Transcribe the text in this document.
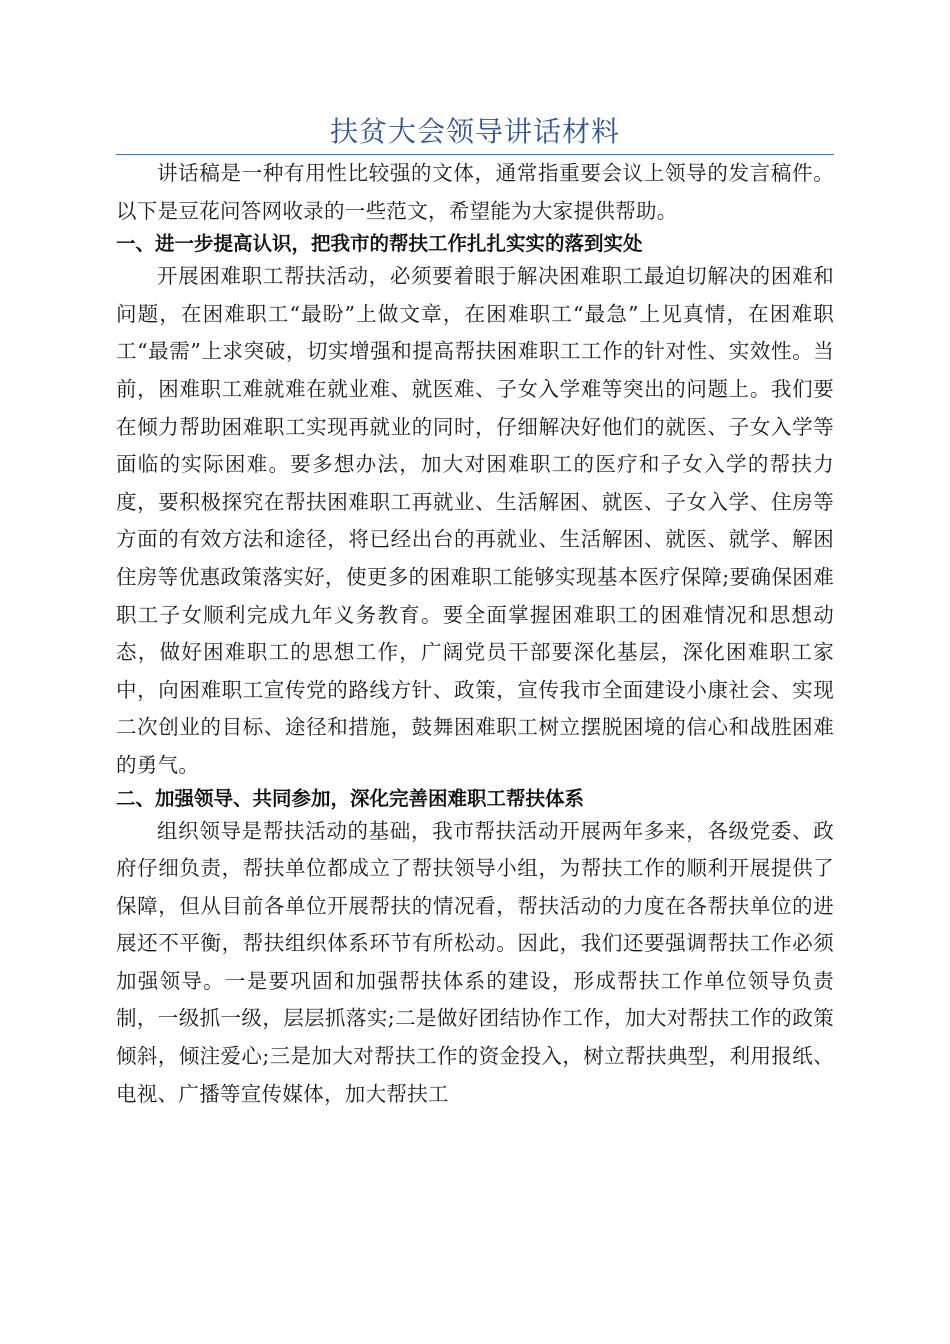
扶贫大会领导讲话材料

讲话稿是一种有用性比较强的文体，通常指重要会议上领导的发言稿件。以下是豆花问答网收录的一些范文，希望能为大家提供帮助。

一、进一步提高认识，把我市的帮扶工作扎扎实实的落到实处

开展困难职工帮扶活动，必须要着眼于解决困难职工最迫切解决的困难和问题，在困难职工“最盼”上做文章，在困难职工“最急”上见真情，在困难职工“最需”上求突破，切实增强和提高帮扶困难职工工作的针对性、实效性。当前，困难职工难就难在就业难、就医难、子女入学难等突出的问题上。我们要在倾力帮助困难职工实现再就业的同时，仔细解决好他们的就医、子女入学等面临的实际困难。要多想办法，加大对困难职工的医疗和子女入学的帮扶力度，要积极探究在帮扶困难职工再就业、生活解困、就医、子女入学、住房等方面的有效方法和途径，将已经出台的再就业、生活解困、就医、就学、解困住房等优惠政策落实好，使更多的困难职工能够实现基本医疗保障;要确保困难职工子女顺利完成九年义务教育。要全面掌握困难职工的困难情况和思想动态，做好困难职工的思想工作，广阔党员干部要深化基层，深化困难职工家中，向困难职工宣传党的路线方针、政策，宣传我市全面建设小康社会、实现二次创业的目标、途径和措施，鼓舞困难职工树立摆脱困境的信心和战胜困难的勇气。

二、加强领导、共同参加，深化完善困难职工帮扶体系

组织领导是帮扶活动的基础，我市帮扶活动开展两年多来，各级党委、政府仔细负责，帮扶单位都成立了帮扶领导小组，为帮扶工作的顺利开展提供了保障，但从目前各单位开展帮扶的情况看，帮扶活动的力度在各帮扶单位的进展还不平衡，帮扶组织体系环节有所松动。因此，我们还要强调帮扶工作必须加强领导。一是要巩固和加强帮扶体系的建设，形成帮扶工作单位领导负责制，一级抓一级，层层抓落实;二是做好团结协作工作，加大对帮扶工作的政策倾斜，倾注爱心;三是加大对帮扶工作的资金投入，树立帮扶典型，利用报纸、电视、广播等宣传媒体，加大帮扶工
